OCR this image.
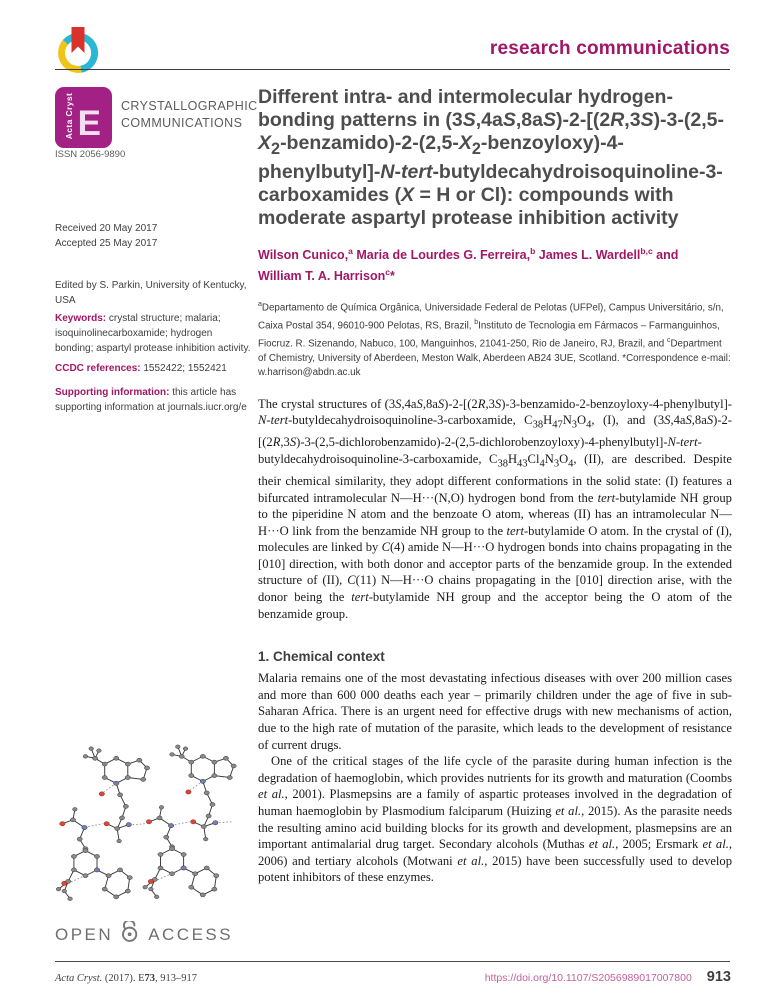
research communications
Acta Cryst E CRYSTALLOGRAPHIC
COMMUNICATIONS
ISSN 2056-9890
Received 20 May 2017
Accepted 25 May 2017
Edited by S. Parkin, University of Kentucky, USA
Keywords: crystal structure; malaria; isoquinolinecarboxamide; hydrogen bonding; aspartyl protease inhibition activity.
CCDC references: 1552422; 1552421
Supporting information: this article has supporting information at journals.iucr.org/e
OPEN ACCESS
Different intra- and intermolecular hydrogen-bonding patterns in $(3S,4aS,8aS)-2-[(2R,3S)-3-(2,5-X_2-benzamido)-2-(2,5-X_2-benzoyloxy)-4-phenylbutyl]-N-tert-butyldecahydroisoquinoline-3-ca$rboxamides (X = H or Cl): compounds with moderate aspartyl protease inhibition activity
Wilson Cunico,$^a$ Maria de Lourdes G. Ferreira,$^b$ James L. Wardell$^{b,c}$ and William T. A. Harrison$^c$*
$^a$Departamento de Química Orgânica, Universidade Federal de Pelotas (UFPel), Campus Universitário, s/n, Caixa Postal 354, 96010-900 Pelotas, RS, Brazil, $^b$Instituto de Tecnologia em Fármacos – Farmanguinhos, Fiocruz. R. Sizenando, Nabuco, 100, Manguinhos, 21041-250, Rio de Janeiro, RJ, Brazil, and $^c$Department of Chemistry, University of Aberdeen, Meston Walk, Aberdeen AB24 3UE, Scotland. *Correspondence e-mail: w.harrison@abdn.ac.uk

The crystal structures of (3S,4aS,8aS)-2-[(2R,3S)-3-benzamido-2-benzoyloxy-4-phenylbutyl]-N-tert-butyldecahydroisoquinoline-3-carboxamide, $C_{38}H_{47}N_3O_4$, (I), and (3S,4aS,8aS)-2-[(2R,3S)-3-(2,5-dichlorobenzamido)-2-(2,5-dichlorobenzoyloxy)-4-phenylbutyl]-N-tert-butyldecahydroisoquinoline-3-carboxamide, $C_{38}H_{43}Cl_4N_3O_4$, (II), are described. Despite their chemical similarity, they adopt different conformations in the solid state: (I) features a bifurcated intramolecular N—H···(N,O) hydrogen bond from the tert-butylamide NH group to the piperidine N atom and the benzoate O atom, whereas (II) has an intramolecular N—H···O link from the benzamide NH group to the tert-butylamide O atom. In the crystal of (I), molecules are linked by C(4) amide N—H···O hydrogen bonds into chains propagating in the [010] direction, with both donor and acceptor parts of the benzamide group. In the extended structure of (II), C(11) N—H···O chains propagating in the [010] direction arise, with the donor being the tert-butylamide NH group and the acceptor being the O atom of the benzamide group.

1. Chemical context

Malaria remains one of the most devastating infectious diseases with over 200 million cases and more than 600 000 deaths each year – primarily children under the age of five in sub-Saharan Africa. There is an urgent need for effective drugs with new mechanisms of action, due to the high rate of mutation of the parasite, which leads to the development of resistance of current drugs.

One of the critical stages of the life cycle of the parasite during human infection is the degradation of haemoglobin, which provides nutrients for its growth and maturation (Coombs et al., 2001). Plasmepsins are a family of aspartic proteases involved in the degradation of human haemoglobin by Plasmodium falciparum (Huizing et al., 2015). As the parasite needs the resulting amino acid building blocks for its growth and development, plasmepsins are an important antimalarial drug target. Secondary alcohols (Muthas et al., 2005; Ersmark et al., 2006) and tertiary alcohols (Motwani et al., 2015) have been successfully used to develop potent inhibitors of these enzymes.

Acta Cryst. (2017). E73, 913–917	https://doi.org/10.1107/S2056989017007800 913
